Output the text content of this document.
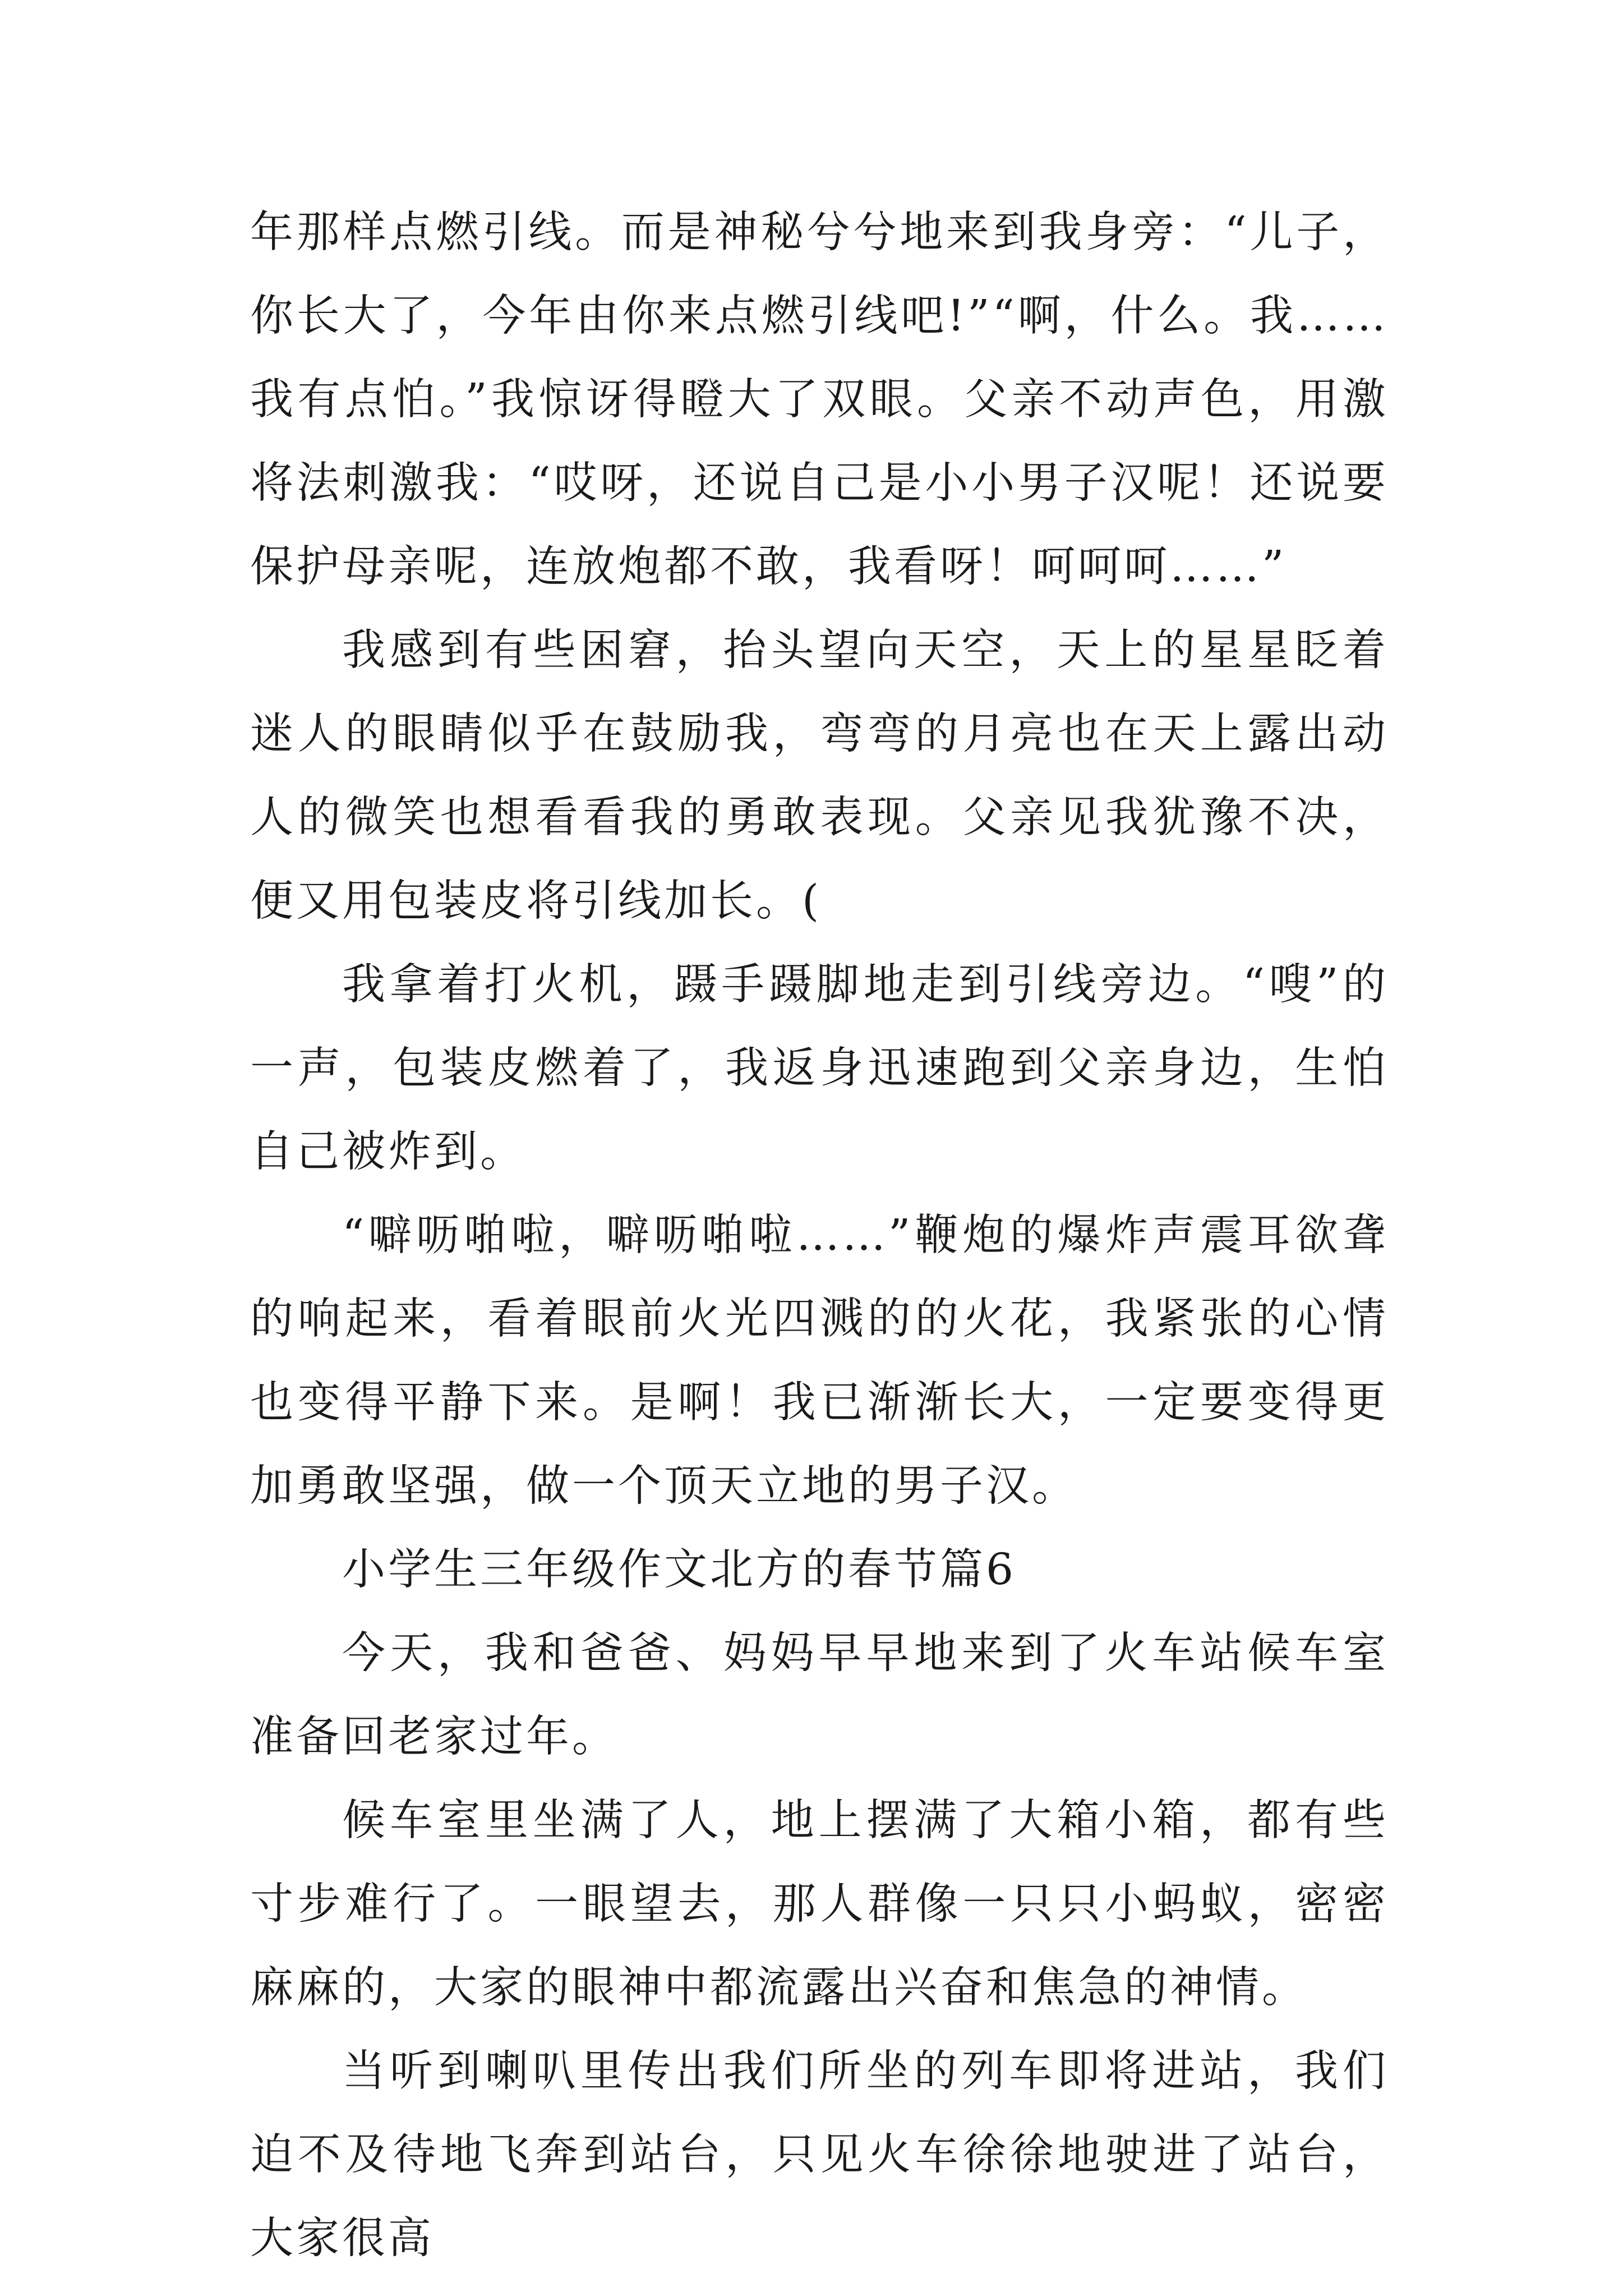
年那样点燃引线。而是神秘兮兮地来到我身旁：“儿子，你长大了，今年由你来点燃引线吧!”“啊，什么。我……我有点怕。”我惊讶得瞪大了双眼。父亲不动声色，用激将法刺激我：“哎呀，还说自己是小小男子汉呢！还说要保护母亲呢，连放炮都不敢，我看呀！呵呵呵……”

我感到有些困窘，抬头望向天空，天上的星星眨着迷人的眼睛似乎在鼓励我，弯弯的月亮也在天上露出动人的微笑也想看看我的勇敢表现。父亲见我犹豫不决，便又用包装皮将引线加长。(

我拿着打火机，蹑手蹑脚地走到引线旁边。“嗖”的一声，包装皮燃着了，我返身迅速跑到父亲身边，生怕自己被炸到。

“噼呖啪啦，噼呖啪啦……”鞭炮的爆炸声震耳欲聋的响起来，看着眼前火光四溅的的火花，我紧张的心情也变得平静下来。是啊！我已渐渐长大，一定要变得更加勇敢坚强，做一个顶天立地的男子汉。

小学生三年级作文北方的春节篇6

今天，我和爸爸、妈妈早早地来到了火车站候车室准备回老家过年。

候车室里坐满了人，地上摆满了大箱小箱，都有些寸步难行了。一眼望去，那人群像一只只小蚂蚁，密密麻麻的，大家的眼神中都流露出兴奋和焦急的神情。

当听到喇叭里传出我们所坐的列车即将进站，我们迫不及待地飞奔到站台，只见火车徐徐地驶进了站台，大家很高
